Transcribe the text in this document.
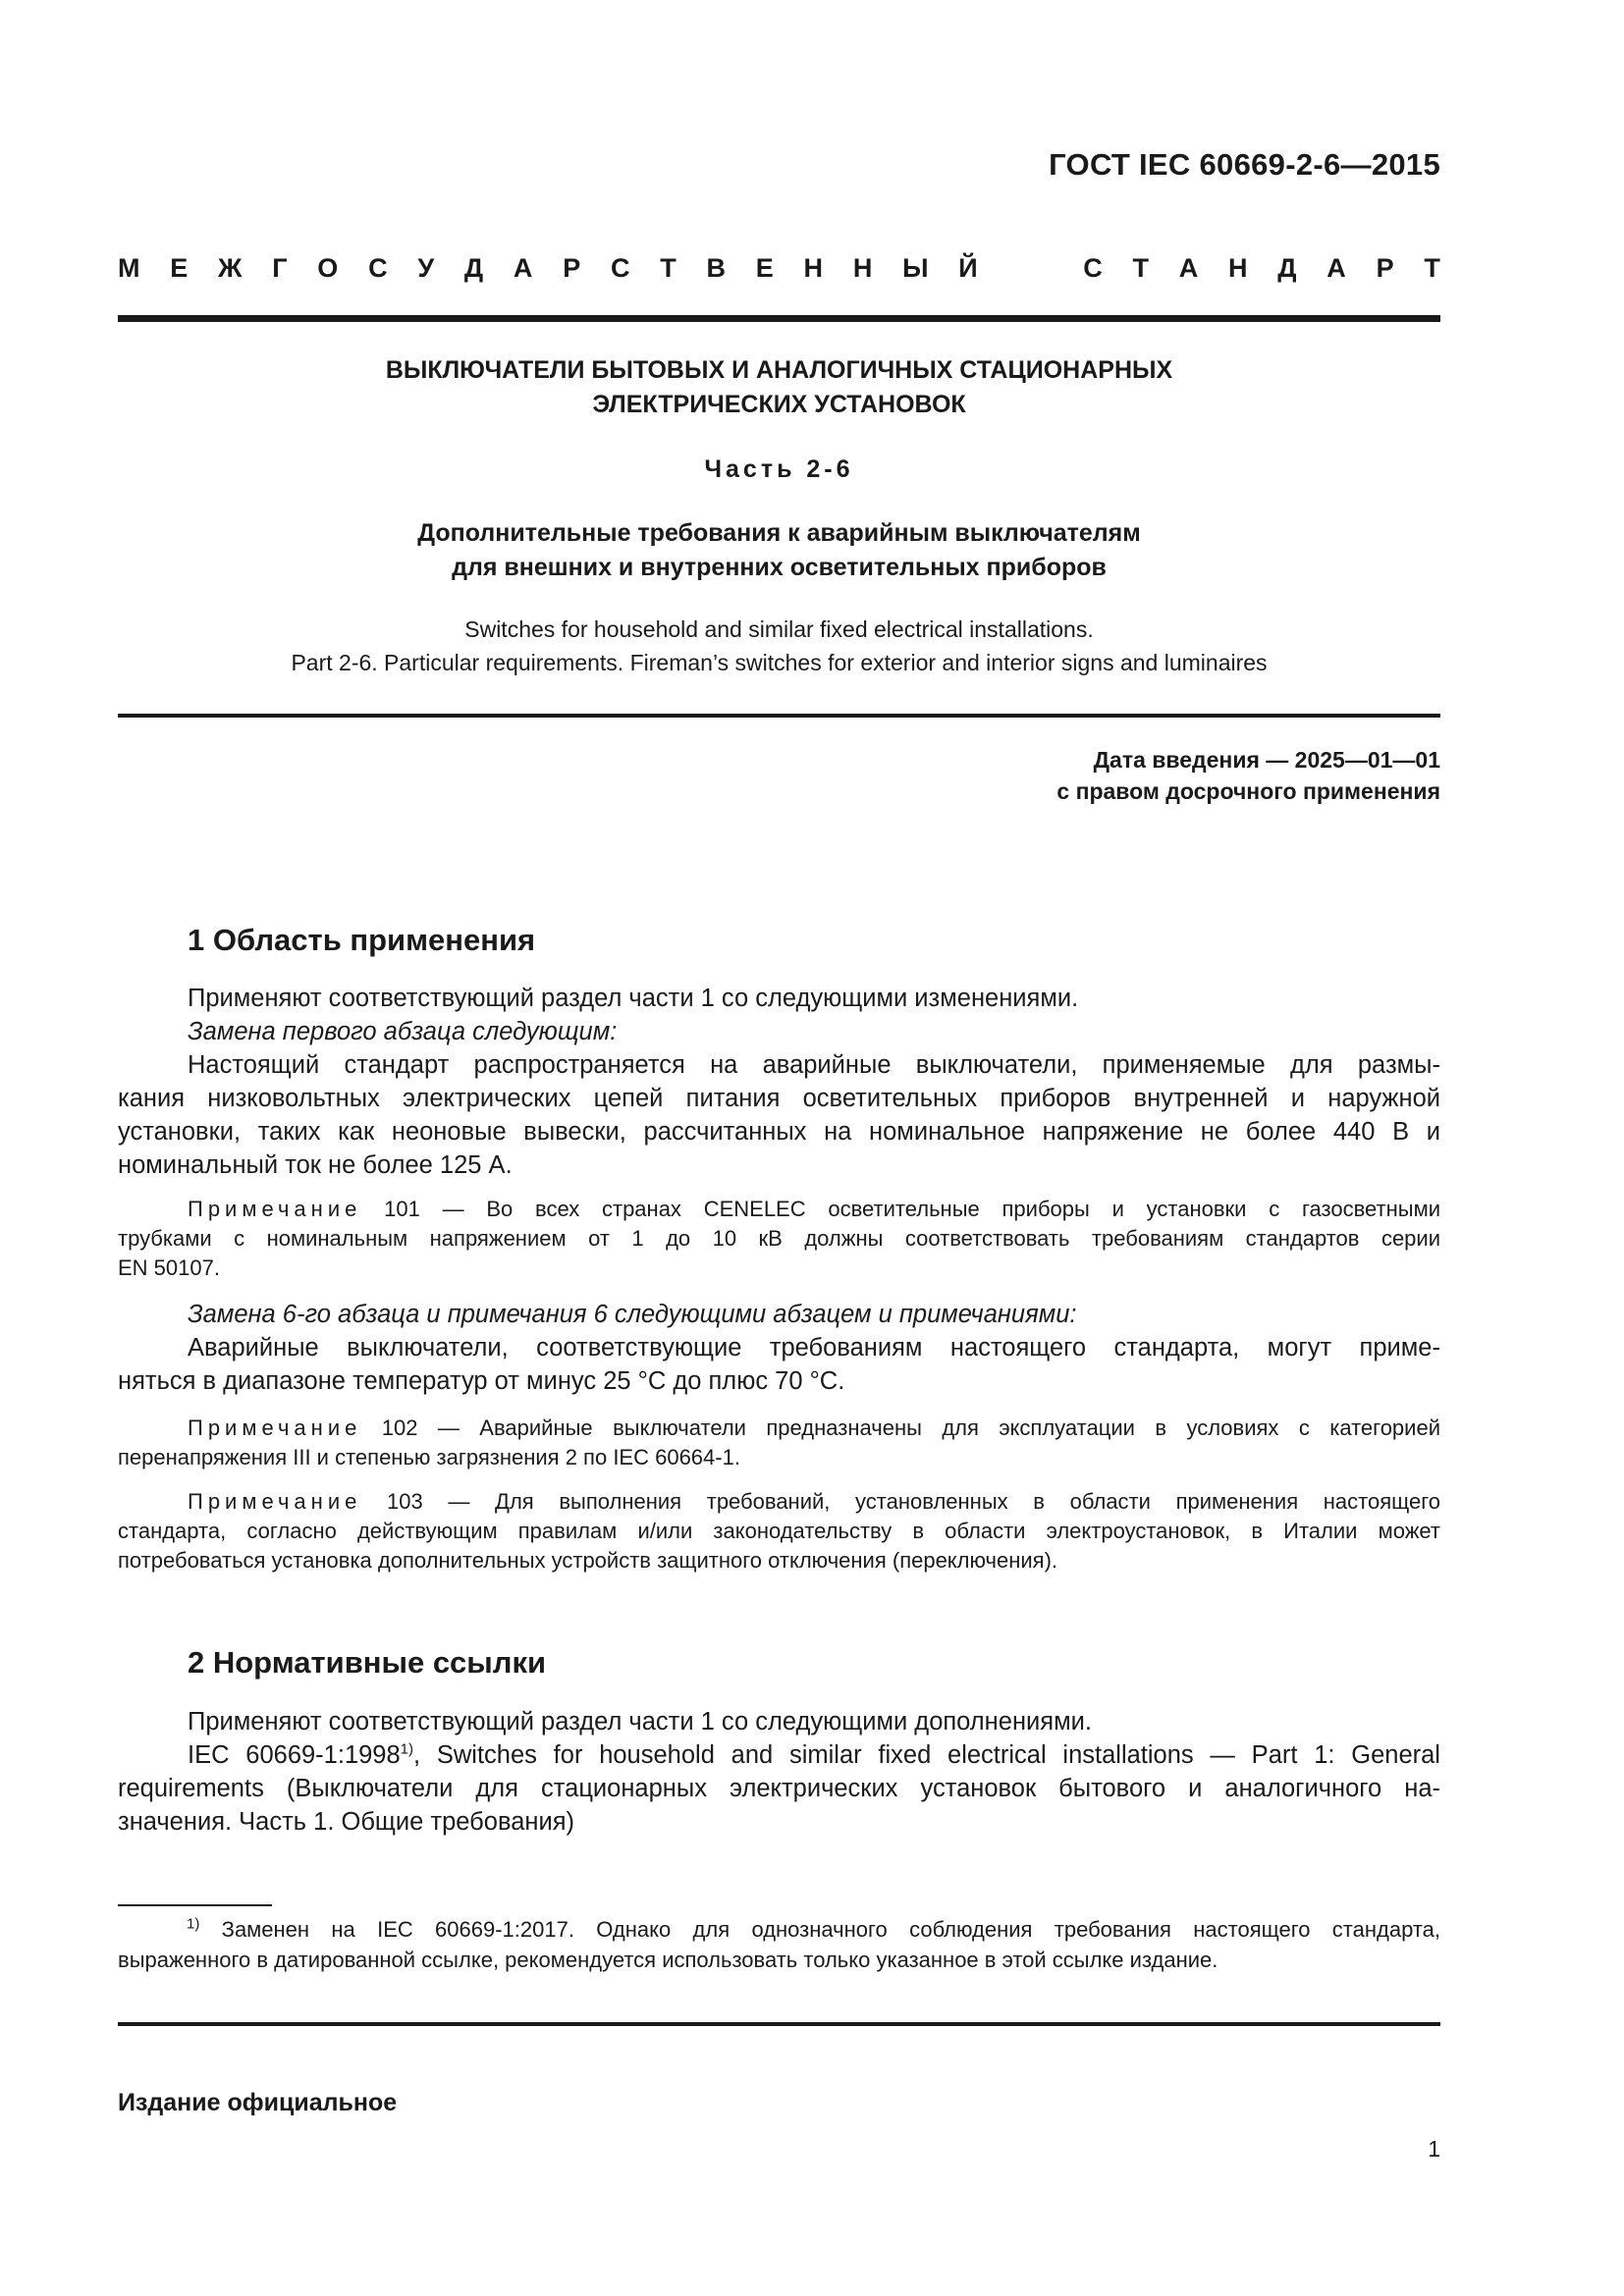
ГОСТ IEC 60669-2-6—2015
М Е Ж Г О С У Д А Р С Т В Е Н Н Ы Й	С Т А Н Д А Р Т
ВЫКЛЮЧАТЕЛИ БЫТОВЫХ И АНАЛОГИЧНЫХ СТАЦИОНАРНЫХ
ЭЛЕКТРИЧЕСКИХ УСТАНОВОК
Часть 2-6
Дополнительные требования к аварийным выключателям
для внешних и внутренних осветительных приборов
Switches for household and similar fixed electrical installations.
Part 2-6. Particular requirements. Fireman’s switches for exterior and interior signs and luminaires
Дата введения — 2025—01—01
с правом досрочного применения
1 Область применения
Применяют соответствующий раздел части 1 со следующими изменениями.
Замена первого абзаца следующим:
Настоящий стандарт распространяется на аварийные выключатели, применяемые для размы-
кания низковольтных электрических цепей питания осветительных приборов внутренней и наружной
установки, таких как неоновые вывески, рассчитанных на номинальное напряжение не более 440 В и
номинальный ток не более 125 А.
Примечание 101 — Во всех странах CENELEC осветительные приборы и установки с газосветными
трубками с номинальным напряжением от 1 до 10 кВ должны соответствовать требованиям стандартов серии
EN 50107.
Замена 6-го абзаца и примечания 6 следующими абзацем и примечаниями:
Аварийные выключатели, соответствующие требованиям настоящего стандарта, могут приме-
няться в диапазоне температур от минус 25 °С до плюс 70 °С.
Примечание 102 — Аварийные выключатели предназначены для эксплуатации в условиях с категорией
перенапряжения III и степенью загрязнения 2 по IEC 60664-1.
Примечание 103 — Для выполнения требований, установленных в области применения настоящего
стандарта, согласно действующим правилам и/или законодательству в области электроустановок, в Италии может
потребоваться установка дополнительных устройств защитного отключения (переключения).
2 Нормативные ссылки
Применяют соответствующий раздел части 1 со следующими дополнениями.
IEC 60669-1:1998$^{1)}$, Switches for household and similar fixed electrical installations — Part 1: General
requirements (Выключатели для стационарных электрических установок бытового и аналогичного на-
значения. Часть 1. Общие требования)
$^{1)}$ Заменен на IEC 60669-1:2017. Однако для однозначного соблюдения требования настоящего стандарта,
выраженного в датированной ссылке, рекомендуется использовать только указанное в этой ссылке издание.
Издание официальное
1
